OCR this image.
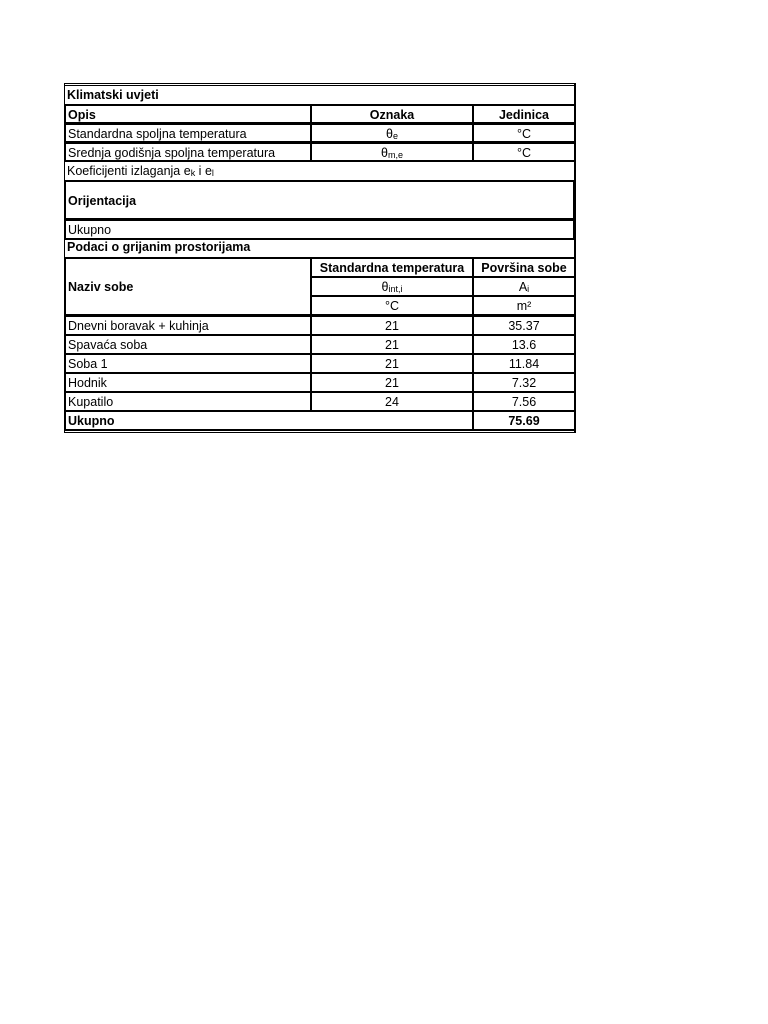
Klimatski uvjeti
Opis	Oznaka	Jedinica
Standardna spoljna temperatura	θe	°C
Srednja godišnja spoljna temperatura	θm,e	°C
Koeficijenti izlaganja ek i el
Orijentacija
Ukupno
Podaci o grijanim prostorijama
Naziv sobe
Standardna temperatura	Površina sobe
θint,i	Ai
°C	m²
Dnevni boravak + kuhinja	21	35.37
Spavaća soba	21	13.6
Soba 1	21	11.84
Hodnik	21	7.32
Kupatilo	24	7.56
Ukupno	75.69
